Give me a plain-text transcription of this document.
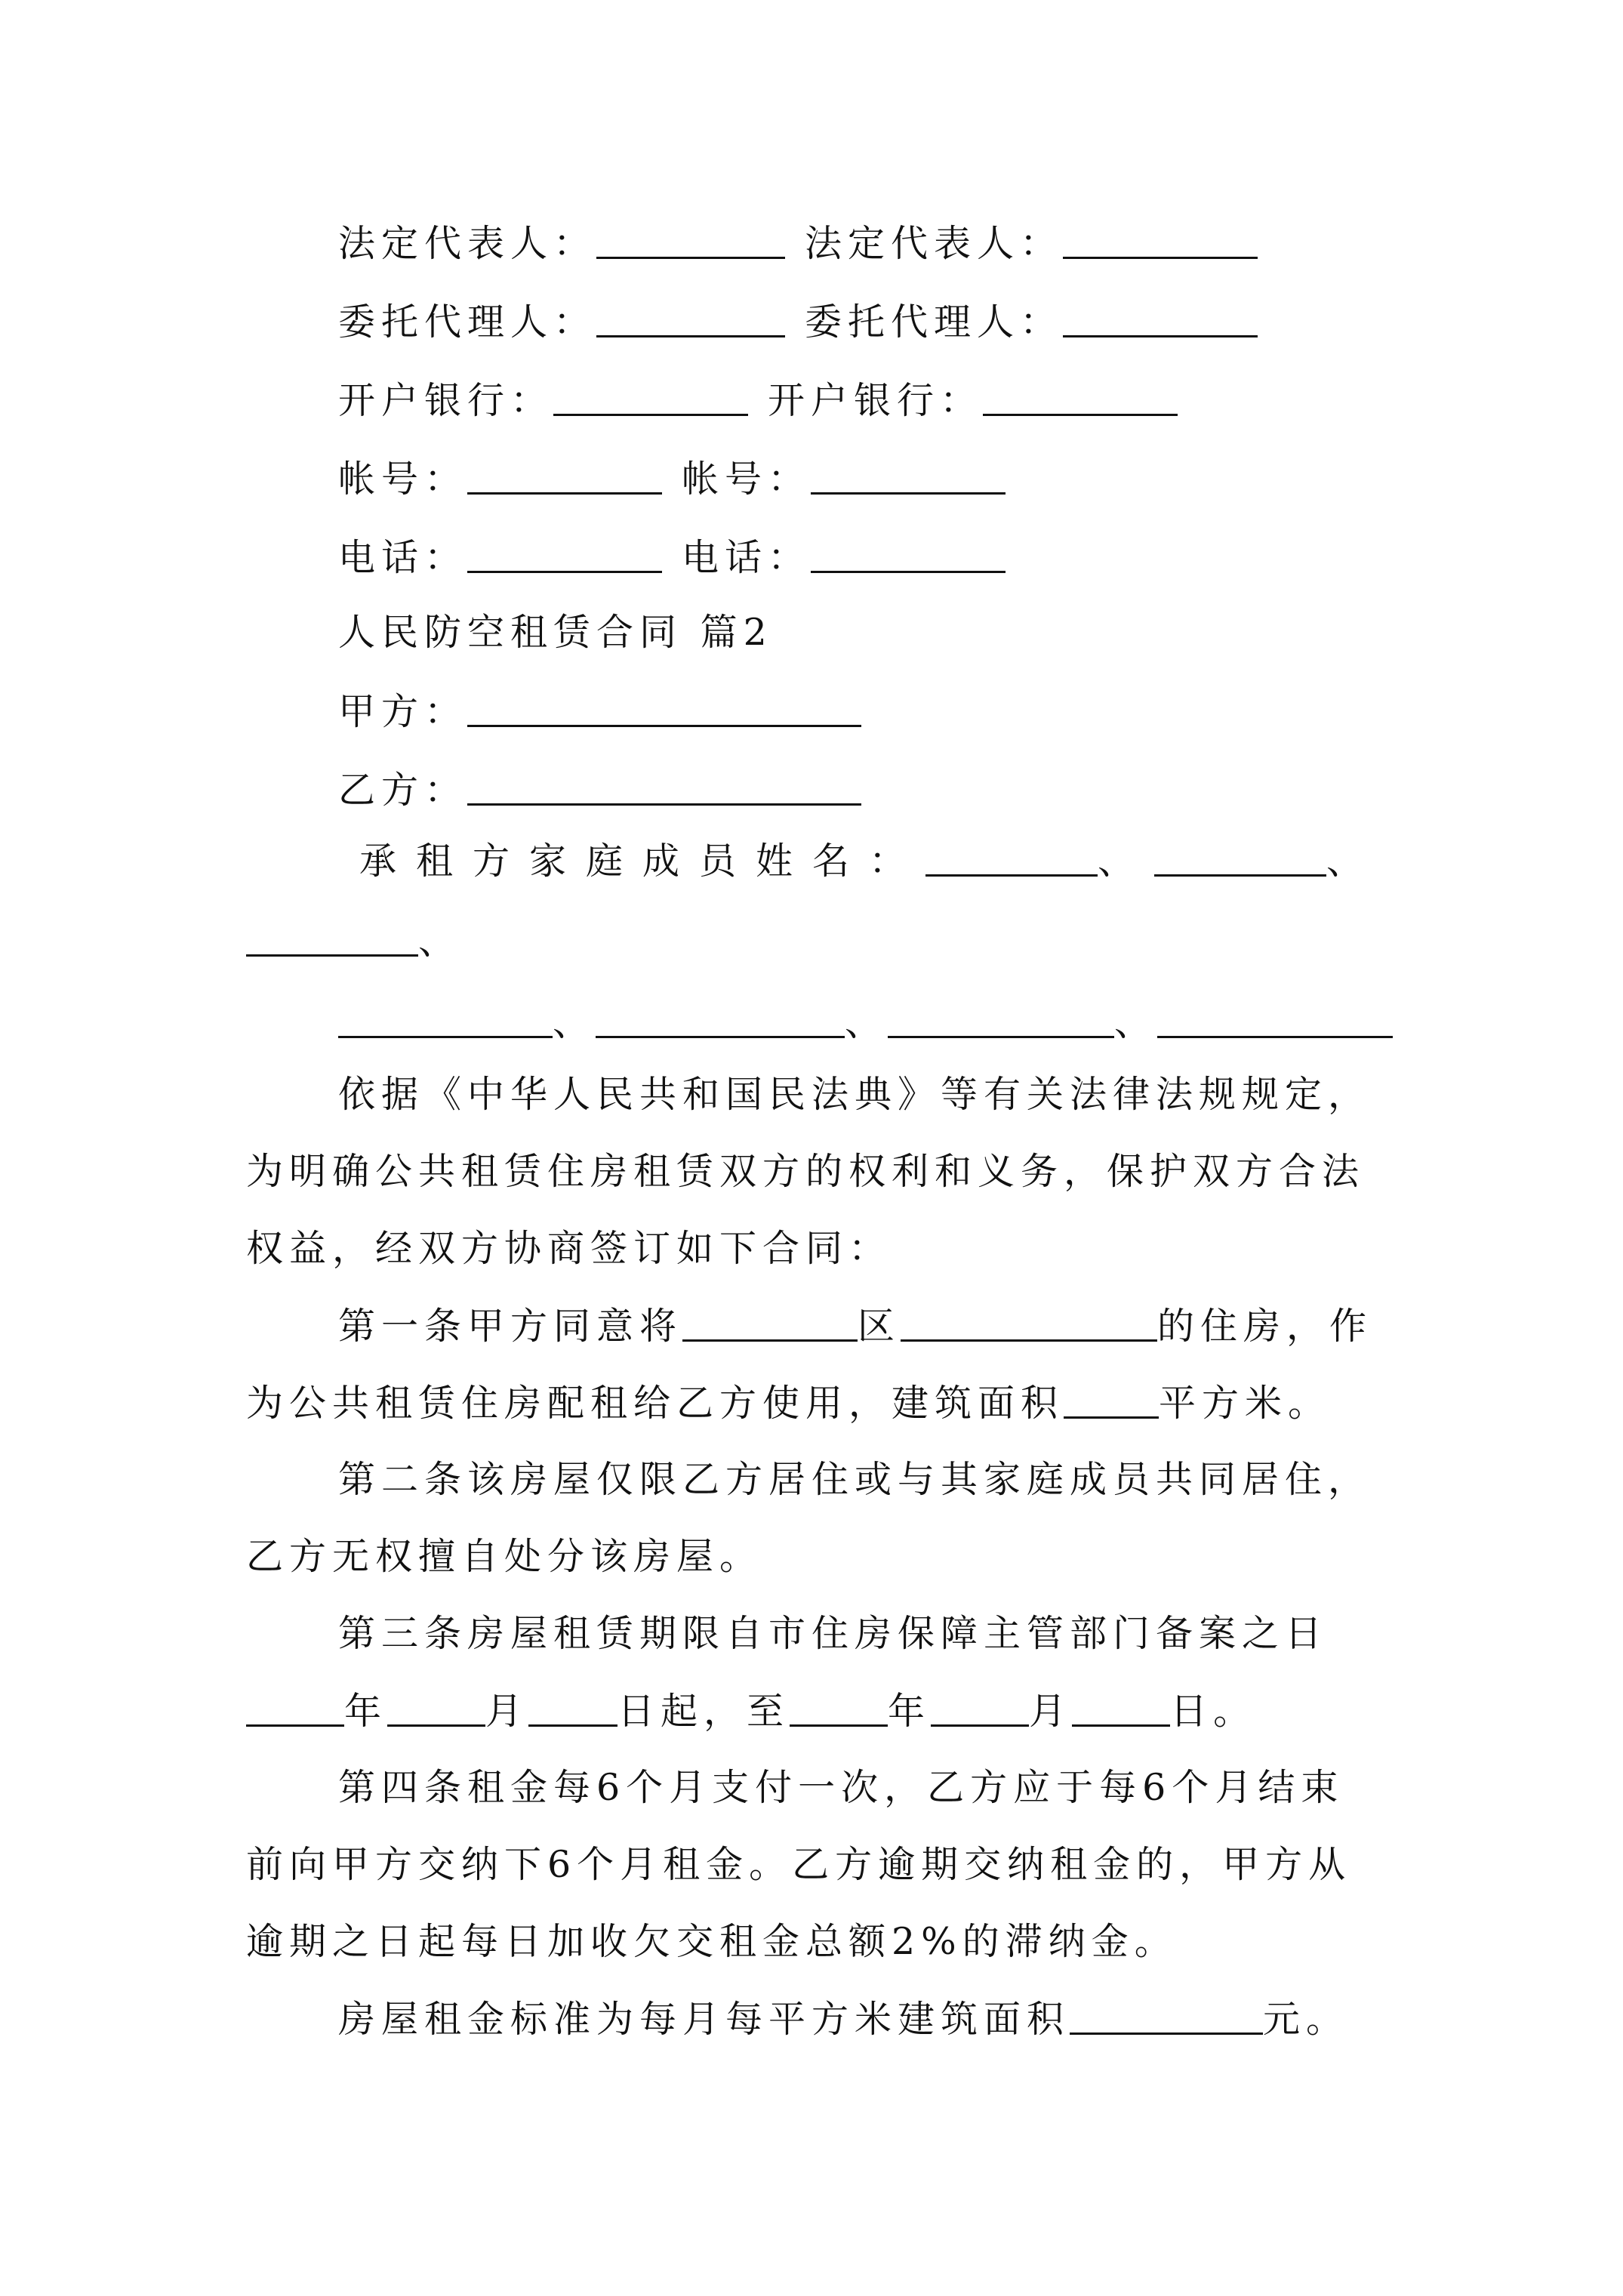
法定代表人：	法定代表人：
委托代理人：	委托代理人：
开户银行：	开户银行：
帐号：	帐号：
电话：	电话：
人民防空租赁合同 篇2
甲方：
乙方：
承租方家庭成员姓名：	、	、
、
、	、	、
依据《中华人民共和国民法典》等有关法律法规规定，
为明确公共租赁住房租赁双方的权利和义务，保护双方合法
权益，经双方协商签订如下合同：
第一条甲方同意将	区	的住房，作
为公共租赁住房配租给乙方使用，建筑面积	平方米。
第二条该房屋仅限乙方居住或与其家庭成员共同居住，
乙方无权擅自处分该房屋。
第三条房屋租赁期限自市住房保障主管部门备案之日
年	月 日起，至	年	月	日。
第四条租金每6个月支付一次，乙方应于每6个月结束
前向甲方交纳下6个月租金。乙方逾期交纳租金的，甲方从
逾期之日起每日加收欠交租金总额2%的滞纳金。
房屋租金标准为每月每平方米建筑面积	元。
